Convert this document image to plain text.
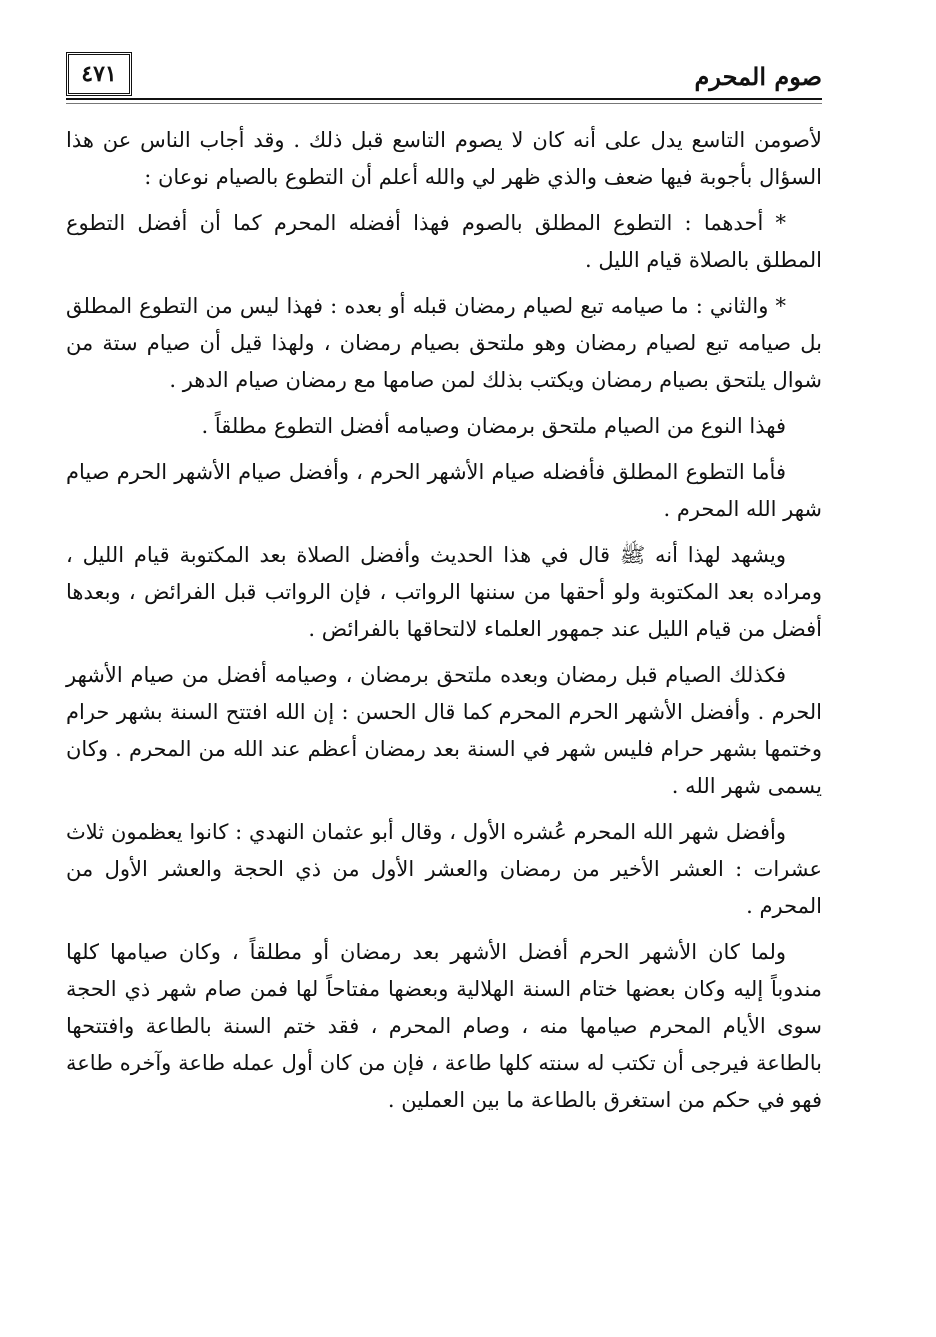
٤٧١	صوم المحرم

لأصومن التاسع يدل على أنه كان لا يصوم التاسع قبل ذلك . وقد أجاب الناس عن هذا السؤال بأجوبة فيها ضعف والذي ظهر لي والله أعلم أن التطوع بالصيام نوعان :

* أحدهما : التطوع المطلق بالصوم فهذا أفضله المحرم كما أن أفضل التطوع المطلق بالصلاة قيام الليل .

* والثاني : ما صيامه تبع لصيام رمضان قبله أو بعده : فهذا ليس من التطوع المطلق بل صيامه تبع لصيام رمضان وهو ملتحق بصيام رمضان ، ولهذا قيل أن صيام ستة من شوال يلتحق بصيام رمضان ويكتب بذلك لمن صامها مع رمضان صيام الدهر .

فهذا النوع من الصيام ملتحق برمضان وصيامه أفضل التطوع مطلقاً .

فأما التطوع المطلق فأفضله صيام الأشهر الحرم ، وأفضل صيام الأشهر الحرم صيام شهر الله المحرم .

ويشهد لهذا أنه ﷺ قال في هذا الحديث وأفضل الصلاة بعد المكتوبة قيام الليل ، ومراده بعد المكتوبة ولو أحقها من سننها الرواتب ، فإن الرواتب قبل الفرائض ، وبعدها أفضل من قيام الليل عند جمهور العلماء لالتحاقها بالفرائض .

فكذلك الصيام قبل رمضان وبعده ملتحق برمضان ، وصيامه أفضل من صيام الأشهر الحرم . وأفضل الأشهر الحرم المحرم كما قال الحسن : إن الله افتتح السنة بشهر حرام وختمها بشهر حرام فليس شهر في السنة بعد رمضان أعظم عند الله من المحرم . وكان يسمى شهر الله .

وأفضل شهر الله المحرم عُشره الأول ، وقال أبو عثمان النهدي : كانوا يعظمون ثلاث عشرات : العشر الأخير من رمضان والعشر الأول من ذي الحجة والعشر الأول من المحرم .

ولما كان الأشهر الحرم أفضل الأشهر بعد رمضان أو مطلقاً ، وكان صيامها كلها مندوباً إليه وكان بعضها ختام السنة الهلالية وبعضها مفتاحاً لها فمن صام شهر ذي الحجة سوى الأيام المحرم صيامها منه ، وصام المحرم ، فقد ختم السنة بالطاعة وافتتحها بالطاعة فيرجى أن تكتب له سنته كلها طاعة ، فإن من كان أول عمله طاعة وآخره طاعة فهو في حكم من استغرق بالطاعة ما بين العملين .
